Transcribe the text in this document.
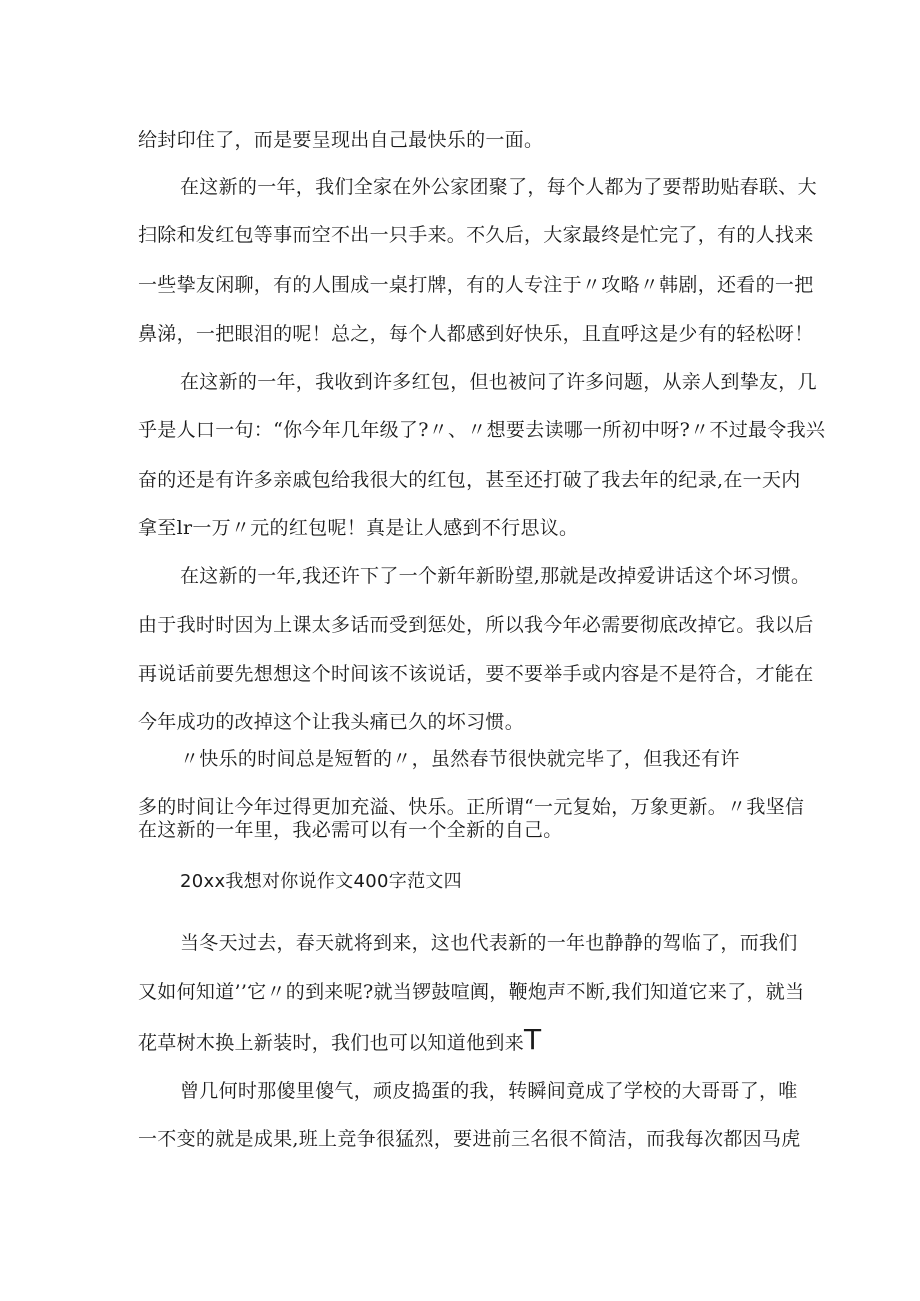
给封印住了，而是要呈现出自己最快乐的一面。
在这新的一年，我们全家在外公家团聚了，每个人都为了要帮助贴春联、大
扫除和发红包等事而空不出一只手来。不久后，大家最终是忙完了，有的人找来
一些挚友闲聊，有的人围成一桌打牌，有的人专注于〃攻略〃韩剧，还看的一把
鼻涕，一把眼泪的呢！总之，每个人都感到好快乐，且直呼这是少有的轻松呀！
在这新的一年，我收到许多红包，但也被问了许多问题，从亲人到挚友，几
乎是人口一句：“你今年几年级了?〃、〃想要去读哪一所初中呀?〃不过最令我兴
奋的还是有许多亲戚包给我很大的红包，甚至还打破了我去年的纪录,在一天内
拿至lr一万〃元的红包呢！真是让人感到不行思议。
在这新的一年,我还许下了一个新年新盼望,那就是改掉爱讲话这个坏习惯。
由于我时时因为上课太多话而受到惩处，所以我今年必需要彻底改掉它。我以后
再说话前要先想想这个时间该不该说话，要不要举手或内容是不是符合，才能在
今年成功的改掉这个让我头痛已久的坏习惯。
〃快乐的时间总是短暂的〃，虽然春节很快就完毕了，但我还有许
多的时间让今年过得更加充溢、快乐。正所谓“一元复始，万象更新。〃我坚信
在这新的一年里，我必需可以有一个全新的自己。
20xx我想对你说作文400字范文四
当冬天过去，春天就将到来，这也代表新的一年也静静的驾临了，而我们
又如何知道’’它〃的到来呢?就当锣鼓喧阗，鞭炮声不断,我们知道它来了，就当
花草树木换上新装时，我们也可以知道他到来T
曾几何时那傻里傻气，顽皮捣蛋的我，转瞬间竟成了学校的大哥哥了，唯
一不变的就是成果,班上竞争很猛烈，要进前三名很不简洁，而我每次都因马虎
